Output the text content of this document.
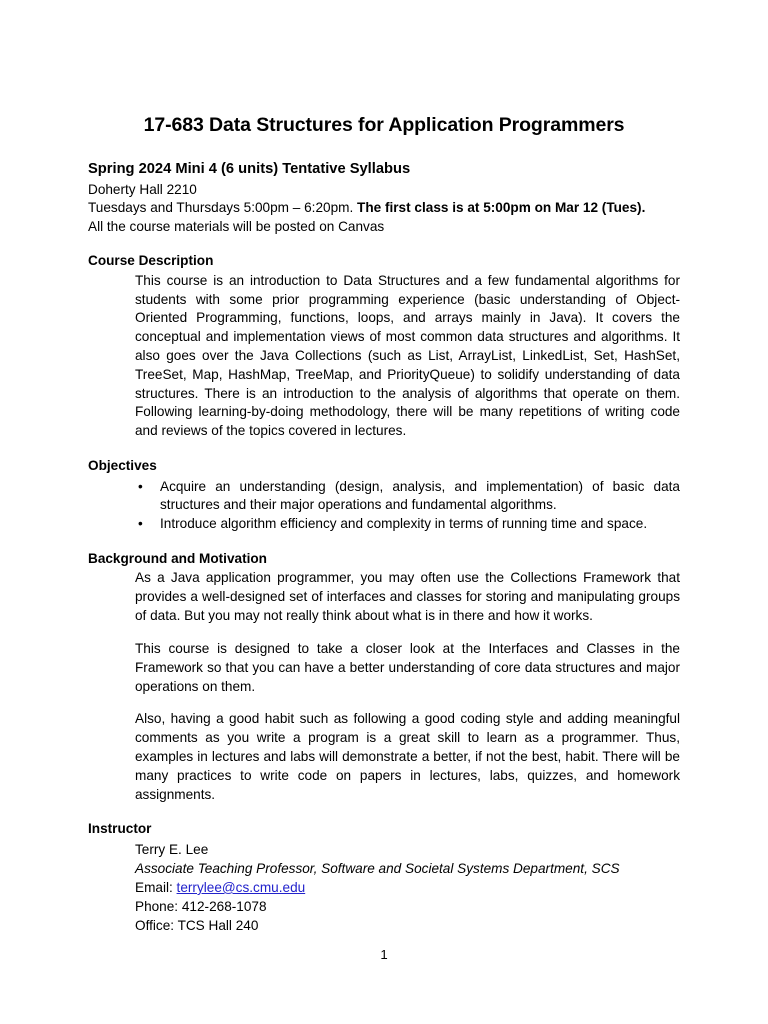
17-683 Data Structures for Application Programmers
Spring 2024 Mini 4 (6 units) Tentative Syllabus
Doherty Hall 2210
Tuesdays and Thursdays 5:00pm – 6:20pm. The first class is at 5:00pm on Mar 12 (Tues).
All the course materials will be posted on Canvas
Course Description

This course is an introduction to Data Structures and a few fundamental algorithms for students with some prior programming experience (basic understanding of Object-Oriented Programming, functions, loops, and arrays mainly in Java). It covers the conceptual and implementation views of most common data structures and algorithms. It also goes over the Java Collections (such as List, ArrayList, LinkedList, Set, HashSet, TreeSet, Map, HashMap, TreeMap, and PriorityQueue) to solidify understanding of data structures. There is an introduction to the analysis of algorithms that operate on them. Following learning-by-doing methodology, there will be many repetitions of writing code and reviews of the topics covered in lectures.

Objectives
• Acquire an understanding (design, analysis, and implementation) of basic data structures and their major operations and fundamental algorithms.
• Introduce algorithm efficiency and complexity in terms of running time and space.
Background and Motivation

As a Java application programmer, you may often use the Collections Framework that provides a well-designed set of interfaces and classes for storing and manipulating groups of data. But you may not really think about what is in there and how it works.

This course is designed to take a closer look at the Interfaces and Classes in the Framework so that you can have a better understanding of core data structures and major operations on them.

Also, having a good habit such as following a good coding style and adding meaningful comments as you write a program is a great skill to learn as a programmer. Thus, examples in lectures and labs will demonstrate a better, if not the best, habit. There will be many practices to write code on papers in lectures, labs, quizzes, and homework assignments.

Instructor
Terry E. Lee
Associate Teaching Professor, Software and Societal Systems Department, SCS
Email: terrylee@cs.cmu.edu
Phone: 412-268-1078
Office: TCS Hall 240
1
